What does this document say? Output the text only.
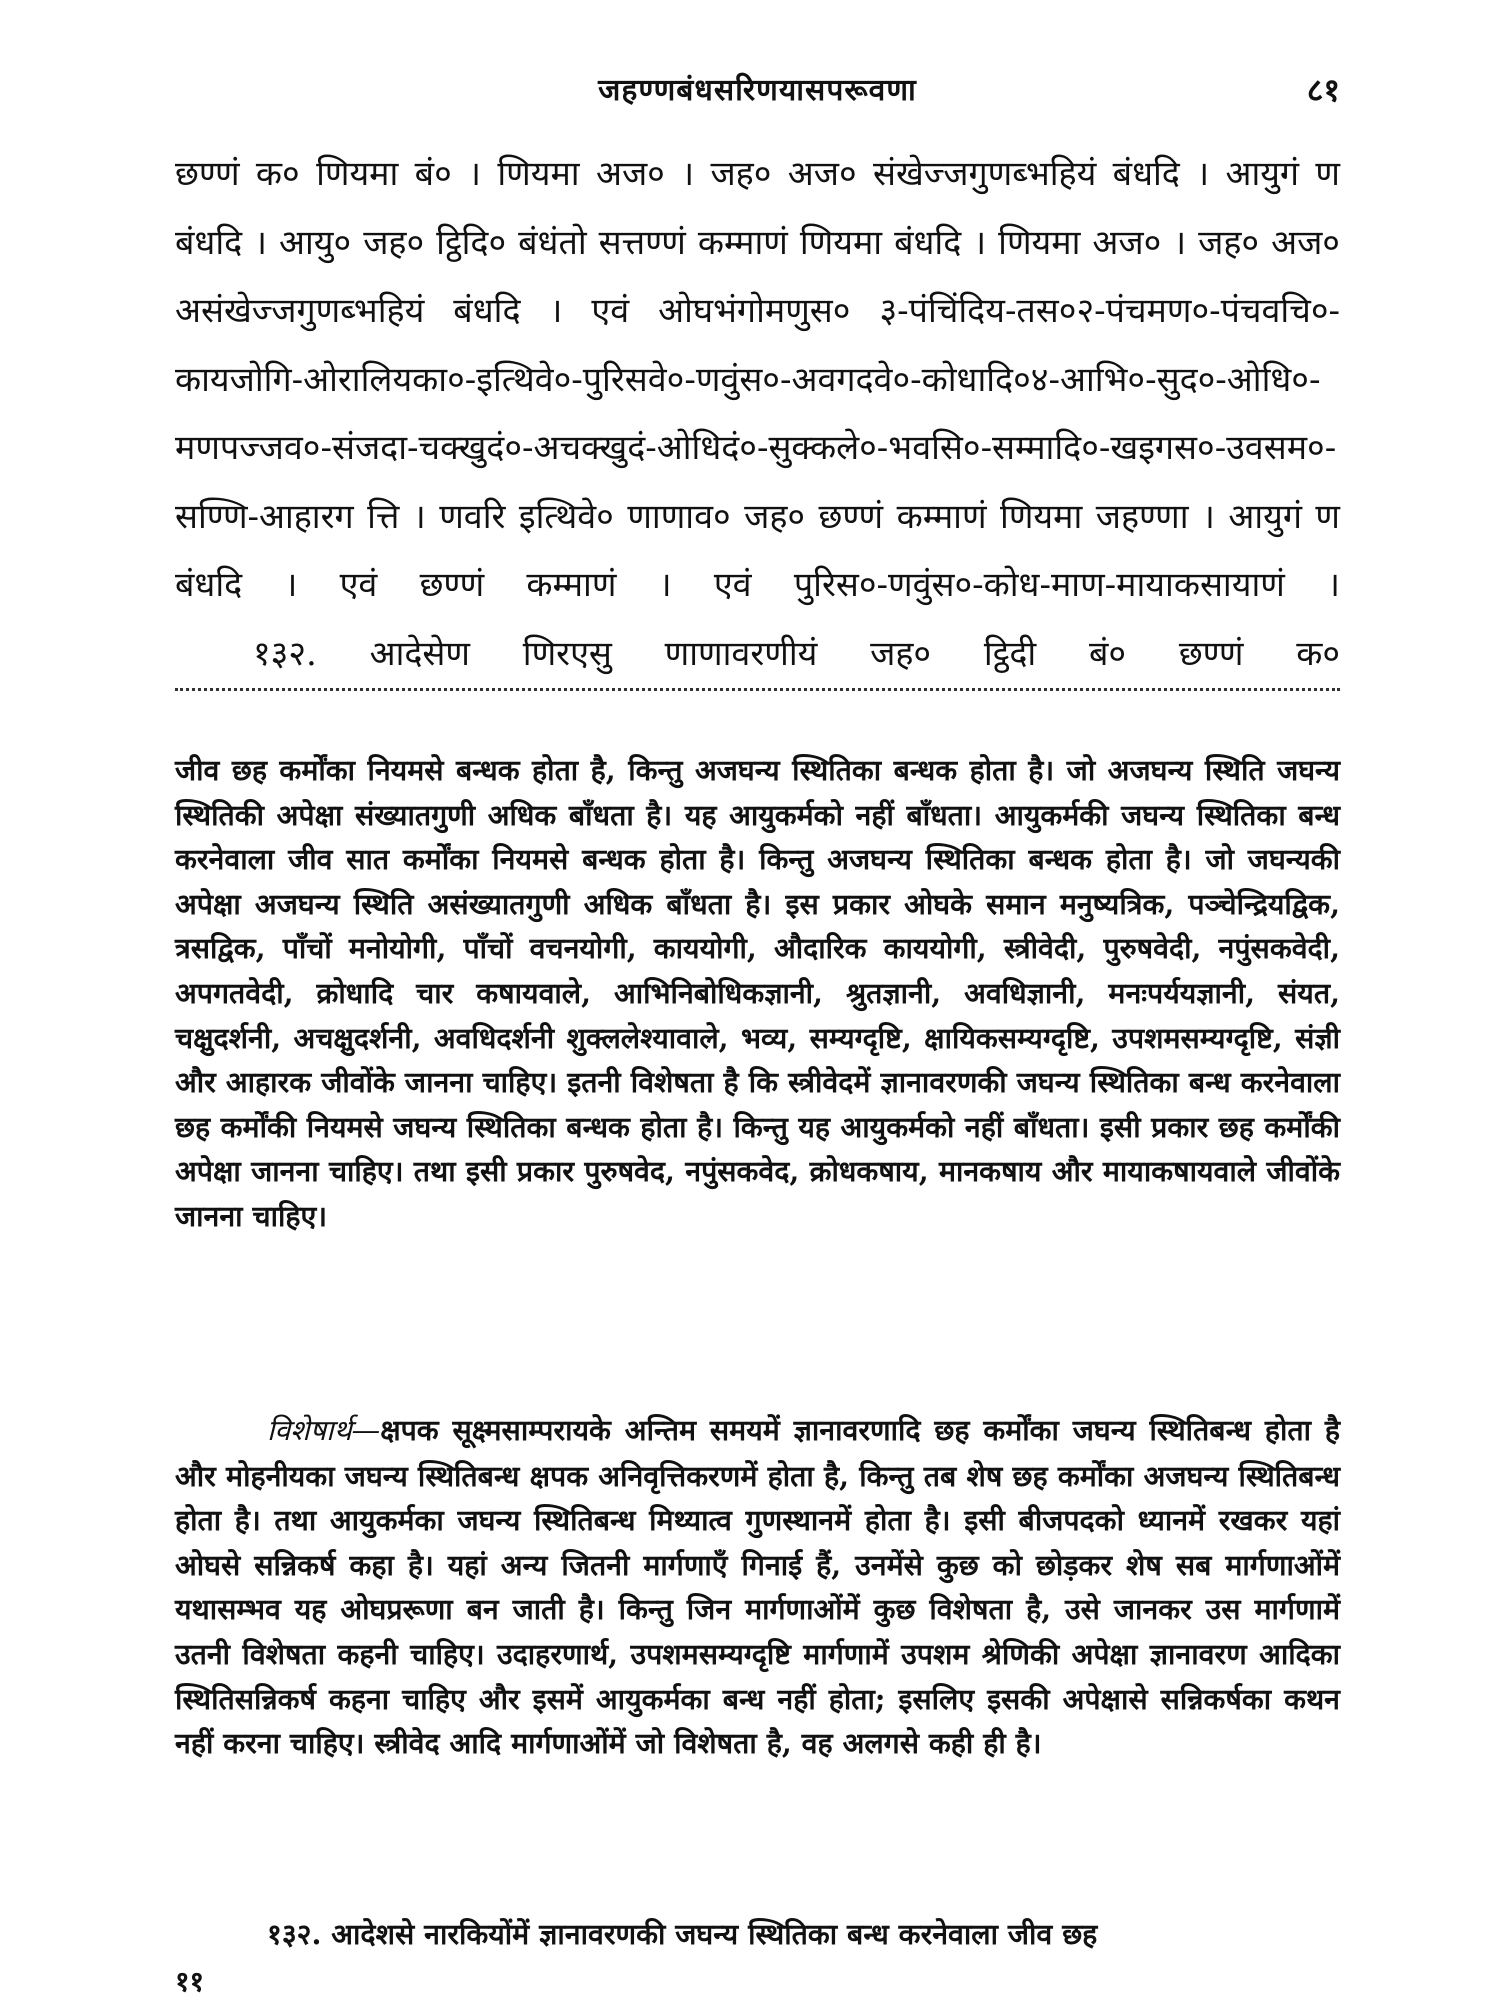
जहण्णबंधसरिणयासपरूवणा	८१

छण्णं क० णियमा बं० । णियमा अज० । जह० अज० संखेज्जगुणब्भहियं बंधदि । आयुगं ण बंधदि । आयु० जह० ट्ठिदि० बंधंतो सत्तण्णं कम्माणं णियमा बंधदि । णियमा अज० । जह० अज० असंखेज्जगुणब्भहियं बंधदि । एवं ओघभंगोमणुस० ३-पंचिंदिय-तस०२-पंचमण०-पंचवचि०-कायजोगि-ओरालियका०-इत्थिवे०-पुरिसवे०-णवुंस०-अवगदवे०-कोधादि०४-आभि०-सुद०-ओधि०-मणपज्जव०-संजदा-चक्खुदं०-अचक्खुदं-ओधिदं०-सुक्कले०-भवसि०-सम्मादि०-खइगस०-उवसम०-सण्णि-आहारग त्ति । णवरि इत्थिवे० णाणाव० जह० छण्णं कम्माणं णियमा जहण्णा । आयुगं ण बंधदि । एवं छण्णं कम्माणं । एवं पुरिस०-णवुंस०-कोध-माण-मायाकसायाणं ।

१३२. आदेसेण णिरएसु णाणावरणीयं जह० ट्ठिदी बं० छण्णं क०

जीव छह कर्मोंका नियमसे बन्धक होता है, किन्तु अजघन्य स्थितिका बन्धक होता है। जो अजघन्य स्थिति जघन्य स्थितिकी अपेक्षा संख्यातगुणी अधिक बाँधता है। यह आयुकर्मको नहीं बाँधता। आयुकर्मकी जघन्य स्थितिका बन्ध करनेवाला जीव सात कर्मोंका नियमसे बन्धक होता है। किन्तु अजघन्य स्थितिका बन्धक होता है। जो जघन्यकी अपेक्षा अजघन्य स्थिति असंख्यातगुणी अधिक बाँधता है। इस प्रकार ओघके समान मनुष्यत्रिक, पञ्चेन्द्रियद्विक, त्रसद्विक, पाँचों मनोयोगी, पाँचों वचनयोगी, काययोगी, औदारिक काययोगी, स्त्रीवेदी, पुरुषवेदी, नपुंसकवेदी, अपगतवेदी, क्रोधादि चार कषायवाले, आभिनिबोधिकज्ञानी, श्रुतज्ञानी, अवधिज्ञानी, मनःपर्ययज्ञानी, संयत, चक्षुदर्शनी, अचक्षुदर्शनी, अवधिदर्शनी शुक्ललेश्यावाले, भव्य, सम्यग्दृष्टि, क्षायिकसम्यग्दृष्टि, उपशमसम्यग्दृष्टि, संज्ञी और आहारक जीवोंके जानना चाहिए। इतनी विशेषता है कि स्त्रीवेदमें ज्ञानावरणकी जघन्य स्थितिका बन्ध करनेवाला छह कर्मोंकी नियमसे जघन्य स्थितिका बन्धक होता है। किन्तु यह आयुकर्मको नहीं बाँधता। इसी प्रकार छह कर्मोंकी अपेक्षा जानना चाहिए। तथा इसी प्रकार पुरुषवेद, नपुंसकवेद, क्रोधकषाय, मानकषाय और मायाकषायवाले जीवोंके जानना चाहिए।

विशेषार्थ—क्षपक सूक्ष्मसाम्परायके अन्तिम समयमें ज्ञानावरणादि छह कर्मोंका जघन्य स्थितिबन्ध होता है और मोहनीयका जघन्य स्थितिबन्ध क्षपक अनिवृत्तिकरणमें होता है, किन्तु तब शेष छह कर्मोंका अजघन्य स्थितिबन्ध होता है। तथा आयुकर्मका जघन्य स्थितिबन्ध मिथ्यात्व गुणस्थानमें होता है। इसी बीजपदको ध्यानमें रखकर यहां ओघसे सन्निकर्ष कहा है। यहां अन्य जितनी मार्गणाएँ गिनाई हैं, उनमेंसे कुछ को छोड़कर शेष सब मार्गणाओंमें यथासम्भव यह ओघप्ररूणा बन जाती है। किन्तु जिन मार्गणाओंमें कुछ विशेषता है, उसे जानकर उस मार्गणामें उतनी विशेषता कहनी चाहिए। उदाहरणार्थ, उपशमसम्यग्दृष्टि मार्गणामें उपशम श्रेणिकी अपेक्षा ज्ञानावरण आदिका स्थितिसन्निकर्ष कहना चाहिए और इसमें आयुकर्मका बन्ध नहीं होता; इसलिए इसकी अपेक्षासे सन्निकर्षका कथन नहीं करना चाहिए। स्त्रीवेद आदि मार्गणाओंमें जो विशेषता है, वह अलगसे कही ही है।

१३२. आदेशसे नारकियोंमें ज्ञानावरणकी जघन्य स्थितिका बन्ध करनेवाला जीव छह

११
